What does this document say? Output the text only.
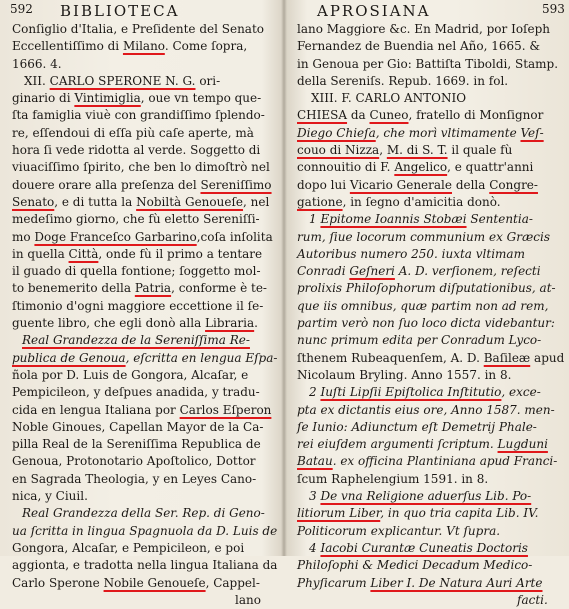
592 BIBLIOTECA
Conſiglio d'Italia, e Preſidente del Senato
Eccellentiſſimo di Milano. Come ſopra,
1666. 4.
XII. CARLO SPERONE N. G. ori-
ginario di Vintimiglia, oue vn tempo que-
ſta famiglia viuè con grandiſſimo ſplendo-
re, eſſendoui di eſſa più caſe aperte, mà
hora ſi vede ridotta al verde. Soggetto di
viuaciſſimo ſpirito, che ben lo dimoſtrò nel
douere orare alla preſenza del Sereniſſimo
Senato, e di tutta la Nobiltà Genoueſe, nel
medeſimo giorno, che fù eletto Sereniſſi-
mo Doge Franceſco Garbarino,coſa inſolita
in quella Città, onde fù il primo a tentare
il guado di quella fontione; ſoggetto mol-
to benemerito della Patria, conforme è te-
ſtimonio d'ogni maggiore eccettione il ſe-
guente libro, che egli donò alla Libraria.
Real Grandezza de la Sereniſſima Re-
publica de Genoua, eſcritta en lengua Eſpa-
ñola por D. Luis de Gongora, Alcaſar, e
Pempicileon, y deſpues anadida, y tradu-
cida en lengua Italiana por Carlos Eſperon
Noble Ginoues, Capellan Mayor de la Ca-
pilla Real de la Sereniſſima Republica de
Genoua, Protonotario Apoſtolico, Dottor
en Sagrada Theologia, y en Leyes Cano-
nica, y Ciuil.
Real Grandezza della Ser. Rep. di Geno-
ua ſcritta in lingua Spagnuola da D. Luis de
Gongora, Alcaſar, e Pempicileon, e poi
aggionta, e tradotta nella lingua Italiana da
Carlo Sperone Nobile Genoueſe, Cappel-
lano
APROSIANA	593
lano Maggiore &c. En Madrid, por Ioſeph
Fernandez de Buendia nel Año, 1665. &
in Genoua per Gio: Battiſta Tiboldi, Stamp.
della Sereniſs. Repub. 1669. in fol.
XIII. F. CARLO ANTONIO
CHIESA da Cuneo, fratello di Monſignor
Diego Chieſa, che morì vltimamente Veſ-
couo di Nizza, M. di S. T. il quale fù
connouitio di F. Angelico, e quattr'anni
dopo lui Vicario Generale della Congre-
gatione, in ſegno d'amicitia donò.
1 Epitome Ioannis Stobæi Sententia-
rum, ſiue locorum communium ex Græcis
Autoribus numero 250. iuxta vltimam
Conradi Geſneri A. D. verſionem, reſecti
prolixis Philoſophorum diſputationibus, at-
que iis omnibus, quæ partim non ad rem,
partim verò non ſuo loco dicta videbantur:
nunc primum edita per Conradum Lyco-
ſthenem Rubeaquenſem, A. D. Baſileæ apud
Nicolaum Bryling. Anno 1557. in 8.
2 Iuſti Lipſii Epiſtolica Inſtitutio, exce-
pta ex dictantis eius ore, Anno 1587. men-
ſe Iunio: Adiunctum eſt Demetrij Phale-
rei eiuſdem argumenti ſcriptum. Lugduni
Batau. ex officina Plantiniana apud Franci-
ſcum Raphelengium 1591. in 8.
3 De vna Religione aduerſus Lib. Po-
litiorum Liber, in quo tria capita Lib. IV.
Politicorum explicantur. Vt ſupra.
4 Iacobi Curantæ Cuneatis Doctoris
Philoſophi & Medici Decadum Medico-
Phyſicarum Liber I. De Natura Auri Arte
facti.
